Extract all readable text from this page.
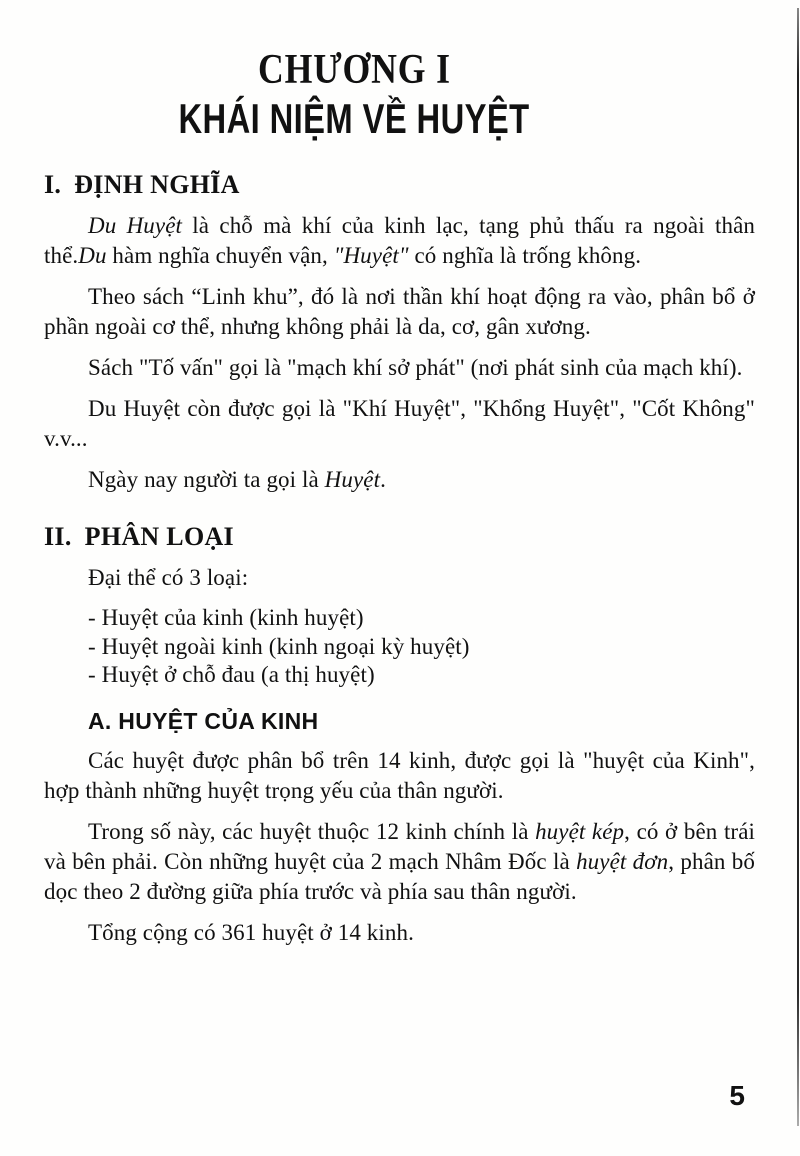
CHƯƠNG I
KHÁI NIỆM VỀ HUYỆT
I. ĐỊNH NGHĨA

Du Huyệt là chỗ mà khí của kinh lạc, tạng phủ thấu ra ngoài thân thể.Du hàm nghĩa chuyển vận, "Huyệt" có nghĩa là trống không.

Theo sách “Linh khu”, đó là nơi thần khí hoạt động ra vào, phân bổ ở phần ngoài cơ thể, nhưng không phải là da, cơ, gân xương.

Sách "Tố vấn" gọi là "mạch khí sở phát" (nơi phát sinh của mạch khí).

Du Huyệt còn được gọi là "Khí Huyệt", "Khổng Huyệt", "Cốt Không" v.v...

Ngày nay người ta gọi là Huyệt.

II. PHÂN LOẠI

Đại thể có 3 loại:

- Huyệt của kinh (kinh huyệt)
- Huyệt ngoài kinh (kinh ngoại kỳ huyệt)
- Huyệt ở chỗ đau (a thị huyệt)
A. HUYỆT CỦA KINH

Các huyệt được phân bổ trên 14 kinh, được gọi là "huyệt của Kinh", hợp thành những huyệt trọng yếu của thân người.

Trong số này, các huyệt thuộc 12 kinh chính là huyệt kép, có ở bên trái và bên phải. Còn những huyệt của 2 mạch Nhâm Đốc là huyệt đơn, phân bố dọc theo 2 đường giữa phía trước và phía sau thân người.

Tổng cộng có 361 huyệt ở 14 kinh.

5
